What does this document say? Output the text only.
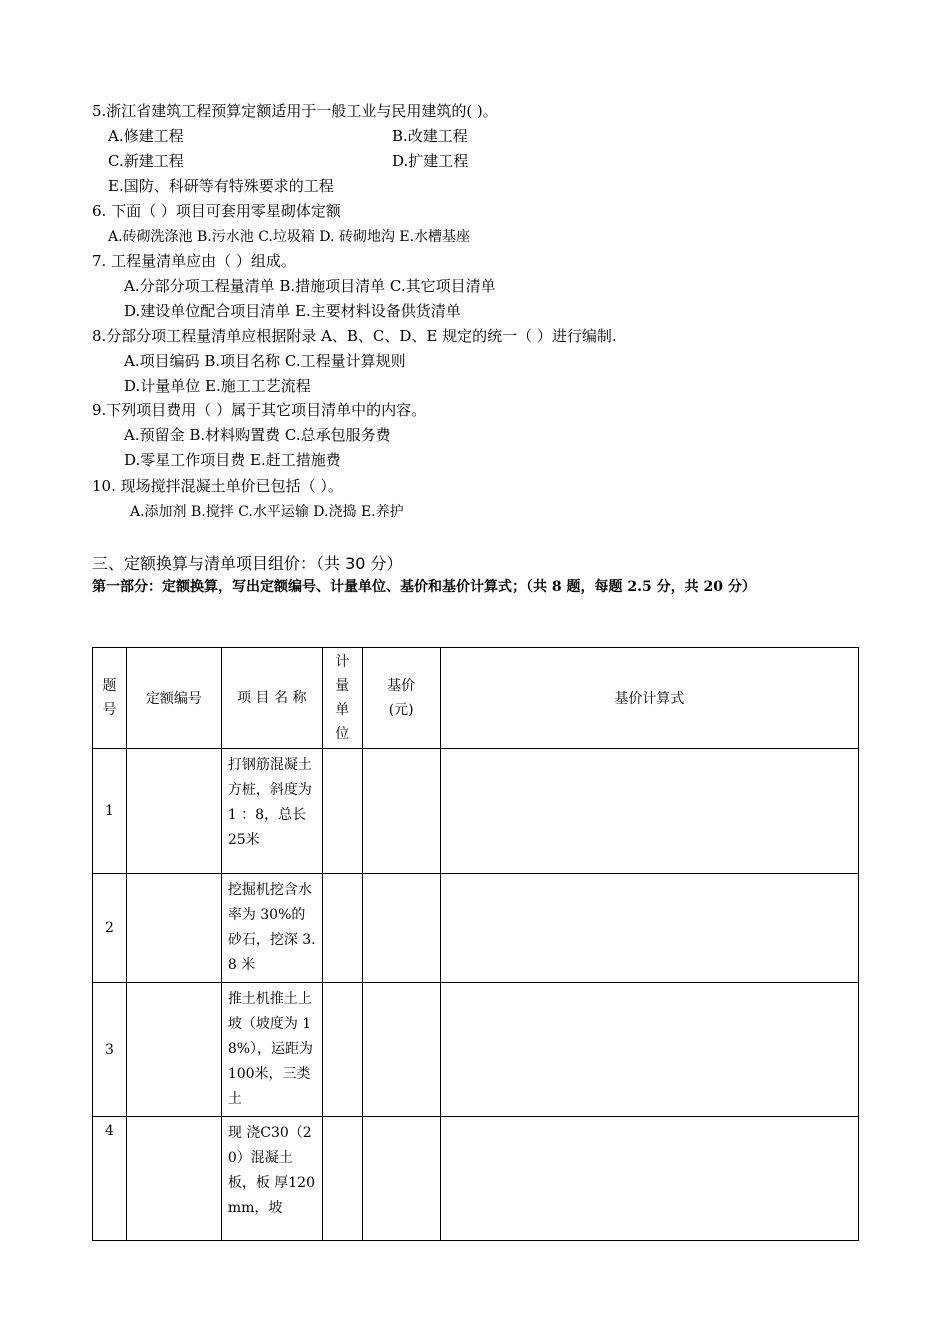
5.浙江省建筑工程预算定额适用于一般工业与民用建筑的( )。
A.修建工程	B.改建工程
C.新建工程	D.扩建工程
E.国防、科研等有特殊要求的工程
6. 下面（ ）项目可套用零星砌体定额
A.砖砌洗涤池 B.污水池 C.垃圾箱 D. 砖砌地沟 E.水槽基座
7. 工程量清单应由（ ）组成。
A.分部分项工程量清单 B.措施项目清单 C.其它项目清单
D.建设单位配合项目清单 E.主要材料设备供货清单
8.分部分项工程量清单应根据附录 A、B、C、D、E 规定的统一（ ）进行编制.
A.项目编码 B.项目名称 C.工程量计算规则
D.计量单位 E.施工工艺流程
9.下列项目费用（ ）属于其它项目清单中的内容。
A.预留金 B.材料购置费 C.总承包服务费
D.零星工作项目费 E.赶工措施费
10. 现场搅拌混凝土单价已包括（ ）。
A.添加剂 B.搅拌 C.水平运输 D.浇捣 E.养护
三、定额换算与清单项目组价：（共 30 分）
第一部分：定额换算，写出定额编号、计量单位、基价和基价计算式；（共 8 题，每题 2.5 分，共 20 分）
题号	定额编号	项 目 名 称	计量单位	基价(元)	基价计算式
1		打钢筋混凝土方桩，斜度为 1 ：8，总长 25米			
2		挖掘机挖含水率为 30%的砂石，挖深 3.8 米			
3		推土机推土上坡（坡度为 18%），运距为 100米，三类土			
4		现 浇C30（20）混凝土板，板 厚120mm，坡			
